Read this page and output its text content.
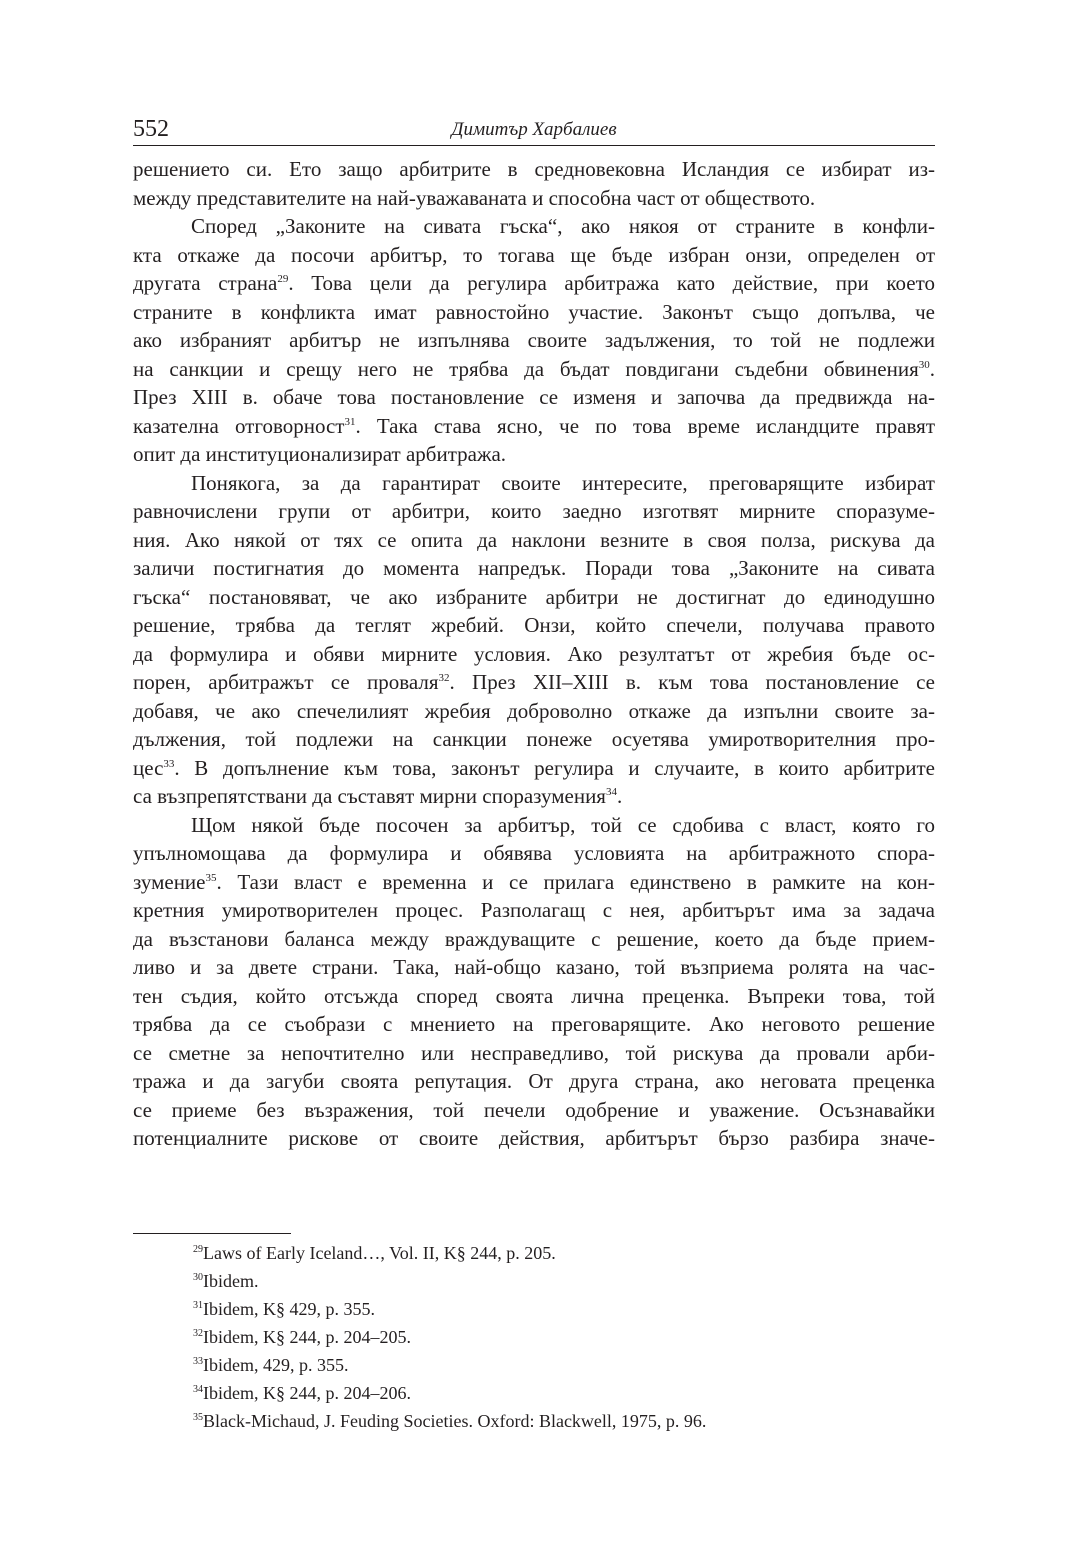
552	Димитър Харбалиев
решението си. Ето защо арбитрите в средновековна Исландия се избират из-
между представителите на най-уважаваната и способна част от обществото.
Според „Законите на сивата гъска“, ако някоя от страните в конфли-
кта откаже да посочи арбитър, то тогава ще бъде избран онзи, определен от
другата страна$^{29}$. Това цели да регулира арбитража като действие, при което
страните в конфликта имат равностойно участие. Законът също допълва, че
ако избраният арбитър не изпълнява своите задължения, то той не подлежи
на санкции и срещу него не трябва да бъдат повдигани съдебни обвинения$^{30}$.
През XIII в. обаче това постановление се изменя и започва да предвижда на-
казателна отговорност$^{31}$. Така става ясно, че по това време исландците правят
опит да институционализират арбитража.
Понякога, за да гарантират своите интересите, преговарящите избират
равночислени групи от арбитри, които заедно изготвят мирните споразуме-
ния. Ако някой от тях се опита да наклони везните в своя полза, рискува да
заличи постигнатия до момента напредък. Поради това „Законите на сивата
гъска“ постановяват, че ако избраните арбитри не достигнат до единодушно
решение, трябва да теглят жребий. Онзи, който спечели, получава правото
да формулира и обяви мирните условия. Ако резултатът от жребия бъде ос-
порен, арбитражът се проваля$^{32}$. През XII–XIII в. към това постановление се
добавя, че ако спечелилият жребия доброволно откаже да изпълни своите за-
дължения, той подлежи на санкции понеже осуетява умиротворителния про-
цес$^{33}$. В допълнение към това, законът регулира и случаите, в които арбитрите
са възпрепятствани да съставят мирни споразумения$^{34}$.
Щом някой бъде посочен за арбитър, той се сдобива с власт, която го
упълномощава да формулира и обявява условията на арбитражното спора-
зумение$^{35}$. Тази власт е временна и се прилага единствено в рамките на кон-
кретния умиротворителен процес. Разполагащ с нея, арбитърът има за задача
да възстанови баланса между враждуващите с решение, което да бъде прием-
ливо и за двете страни. Така, най-общо казано, той възприема ролята на час-
тен съдия, който отсъжда според своята лична преценка. Въпреки това, той
трябва да се съобрази с мнението на преговарящите. Ако неговото решение
се сметне за непочтително или несправедливо, той рискува да провали арби-
тража и да загуби своята репутация. От друга страна, ако неговата преценка
се приеме без възражения, той печели одобрение и уважение. Осъзнавайки
потенциалните рискове от своите действия, арбитърът бързо разбира значе-
$^{29}$Laws of Early Iceland…, Vol. II, K§ 244, p. 205.
$^{30}$Ibidem.
$^{31}$Ibidem, K§ 429, p. 355.
$^{32}$Ibidem, K§ 244, p. 204–205.
$^{33}$Ibidem, 429, p. 355.
$^{34}$Ibidem, K§ 244, p. 204–206.
$^{35}$Black-Michaud, J. Feuding Societies. Oxford: Blackwell, 1975, p. 96.
